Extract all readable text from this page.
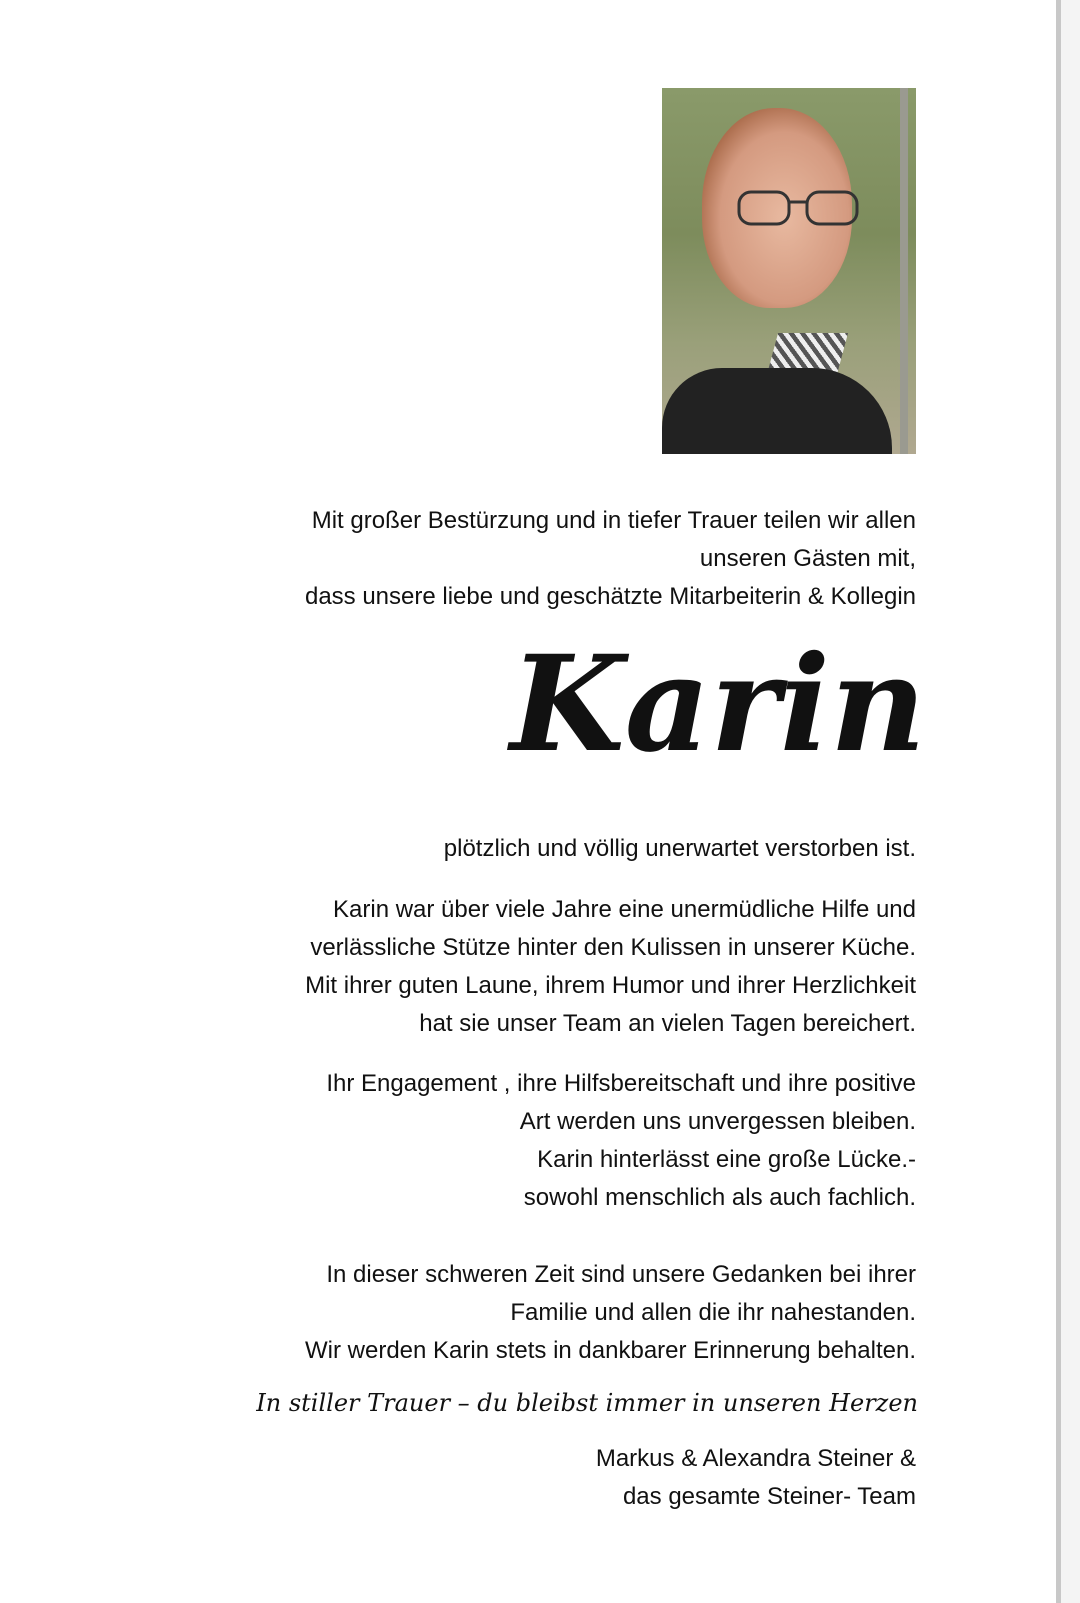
Mit großer Bestürzung und in tiefer Trauer teilen wir allen

unseren Gästen mit,

dass unsere liebe und geschätzte Mitarbeiterin & Kollegin

Karin
plötzlich und völlig unerwartet verstorben ist.

Karin war über viele Jahre eine unermüdliche Hilfe und

verlässliche Stütze hinter den Kulissen in unserer Küche.

Mit ihrer guten Laune, ihrem Humor und ihrer Herzlichkeit

hat sie unser Team an vielen Tagen bereichert.

Ihr Engagement , ihre Hilfsbereitschaft und ihre positive

Art werden uns unvergessen bleiben.

Karin hinterlässt eine große Lücke.-

sowohl menschlich als auch fachlich.

In dieser schweren Zeit sind unsere Gedanken bei ihrer

Familie und allen die ihr nahestanden.

Wir werden Karin stets in dankbarer Erinnerung behalten.

In stiller Trauer – du bleibst immer in unseren Herzen

Markus & Alexandra Steiner &

das gesamte Steiner- Team
